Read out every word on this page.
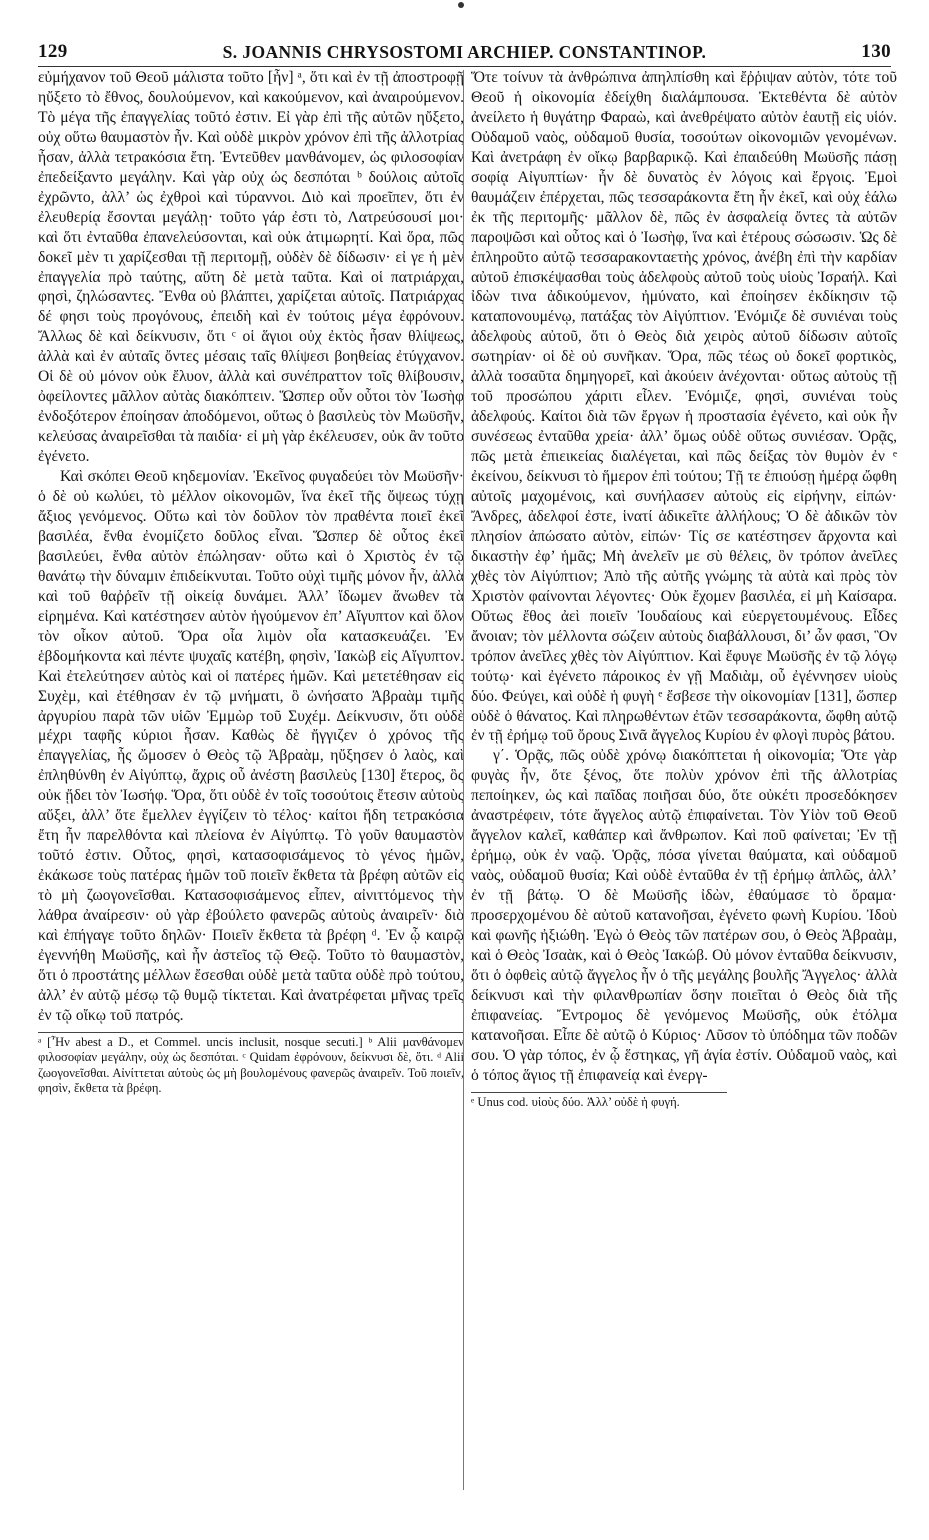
129	S. JOANNIS CHRYSOSTOMI ARCHIEP. CONSTANTINOP.	130

εὐμήχανον τοῦ Θεοῦ μάλιστα τοῦτο [ἦν] ᵃ, ὅτι καὶ ἐν τῇ ἀποστροφῇ ηὔξετο τὸ ἔθνος, δουλούμενον, καὶ κακούμενον, καὶ ἀναιρούμενον. Τὸ μέγα τῆς ἐπαγγελίας τοῦτό ἐστιν. Εἰ γὰρ ἐπὶ τῆς αὐτῶν ηὔξετο, οὐχ οὕτω θαυμαστὸν ἦν. Καὶ οὐδὲ μικρὸν χρόνον ἐπὶ τῆς ἀλλοτρίας ἦσαν, ἀλλὰ τετρακόσια ἔτη. Ἐντεῦθεν μανθάνομεν, ὡς φιλοσοφίαν ἐπεδείξαντο μεγάλην. Καὶ γὰρ οὐχ ὡς δεσπόται ᵇ δούλοις αὐτοῖς ἐχρῶντο, ἀλλ’ ὡς ἐχθροὶ καὶ τύραννοι. Διὸ καὶ προεῖπεν, ὅτι ἐν ἐλευθερίᾳ ἔσονται μεγάλῃ· τοῦτο γάρ ἐστι τὸ, Λατρεύσουσί μοι· καὶ ὅτι ἐνταῦθα ἐπανελεύσονται, καὶ οὐκ ἀτιμωρητί. Καὶ ὅρα, πῶς δοκεῖ μὲν τι χαρίζεσθαι τῇ περιτομῇ, οὐδὲν δὲ δίδωσιν· εἰ γε ἡ μὲν ἐπαγγελία πρὸ ταύτης, αὕτη δὲ μετὰ ταῦτα. Καὶ οἱ πατριάρχαι, φησὶ, ζηλώσαντες. Ἔνθα οὐ βλάπτει, χαρίζεται αὐτοῖς. Πατριάρχας δέ φησι τοὺς προγόνους, ἐπειδὴ καὶ ἐν τούτοις μέγα ἐφρόνουν. Ἄλλως δὲ καὶ δείκνυσιν, ὅτι ᶜ οἱ ἅγιοι οὐχ ἐκτὸς ἦσαν θλίψεως, ἀλλὰ καὶ ἐν αὐταῖς ὄντες μέσαις ταῖς θλίψεσι βοηθείας ἐτύγχανον. Οἱ δὲ οὐ μόνον οὐκ ἔλυον, ἀλλὰ καὶ συνέπραττον τοῖς θλίβουσιν, ὀφείλοντες μᾶλλον αὐτὰς διακόπτειν. Ὥσπερ οὖν οὗτοι τὸν Ἰωσὴφ ἐνδοξότερον ἐποίησαν ἀποδόμενοι, οὕτως ὁ βασιλεὺς τὸν Μωϋσῆν, κελεύσας ἀναιρεῖσθαι τὰ παιδία· εἰ μὴ γὰρ ἐκέλευσεν, οὐκ ἂν τοῦτο ἐγένετο.

Καὶ σκόπει Θεοῦ κηδεμονίαν. Ἐκεῖνος φυγαδεύει τὸν Μωϋσῆν· ὁ δὲ οὐ κωλύει, τὸ μέλλον οἰκονομῶν, ἵνα ἐκεῖ τῆς ὄψεως τύχῃ ἄξιος γενόμενος. Οὕτω καὶ τὸν δοῦλον τὸν πραθέντα ποιεῖ ἐκεῖ βασιλέα, ἔνθα ἐνομίζετο δοῦλος εἶναι. Ὥσπερ δὲ οὗτος ἐκεῖ βασιλεύει, ἔνθα αὐτὸν ἐπώλησαν· οὕτω καὶ ὁ Χριστὸς ἐν τῷ θανάτῳ τὴν δύναμιν ἐπιδείκνυται. Τοῦτο οὐχὶ τιμῆς μόνον ἦν, ἀλλὰ καὶ τοῦ θαῤῥεῖν τῇ οἰκείᾳ δυνάμει. Ἀλλ’ ἴδωμεν ἄνωθεν τὰ εἰρημένα. Καὶ κατέστησεν αὐτὸν ἡγούμενον ἐπ’ Αἴγυπτον καὶ ὅλον τὸν οἶκον αὐτοῦ. Ὅρα οἷα λιμὸν οἷα κατασκευάζει. Ἐν ἑβδομήκοντα καὶ πέντε ψυχαῖς κατέβη, φησὶν, Ἰακὼβ εἰς Αἴγυπτον. Καὶ ἐτελεύτησεν αὐτὸς καὶ οἱ πατέρες ἡμῶν. Καὶ μετετέθησαν εἰς Συχὲμ, καὶ ἐτέθησαν ἐν τῷ μνήματι, ὃ ὠνήσατο Ἀβραὰμ τιμῆς ἀργυρίου παρὰ τῶν υἱῶν Ἐμμὼρ τοῦ Συχέμ. Δείκνυσιν, ὅτι οὐδὲ μέχρι ταφῆς κύριοι ἦσαν. Καθὼς δὲ ἤγγιζεν ὁ χρόνος τῆς ἐπαγγελίας, ἧς ὤμοσεν ὁ Θεὸς τῷ Ἀβραὰμ, ηὔξησεν ὁ λαὸς, καὶ ἐπληθύνθη ἐν Αἰγύπτῳ, ἄχρις οὗ ἀνέστη βασιλεὺς [130] ἕτερος, ὃς οὐκ ᾔδει τὸν Ἰωσήφ. Ὅρα, ὅτι οὐδὲ ἐν τοῖς τοσούτοις ἔτεσιν αὐτοὺς αὔξει, ἀλλ’ ὅτε ἔμελλεν ἐγγίζειν τὸ τέλος· καίτοι ἤδη τετρακόσια ἔτη ἦν παρελθόντα καὶ πλείονα ἐν Αἰγύπτῳ. Τὸ γοῦν θαυμαστὸν τοῦτό ἐστιν. Οὗτος, φησὶ, κατασοφισάμενος τὸ γένος ἡμῶν, ἐκάκωσε τοὺς πατέρας ἡμῶν τοῦ ποιεῖν ἔκθετα τὰ βρέφη αὐτῶν εἰς τὸ μὴ ζωογονεῖσθαι. Κατασοφισάμενος εἶπεν, αἰνιττόμενος τὴν λάθρα ἀναίρεσιν· οὐ γὰρ ἐβούλετο φανερῶς αὐτοὺς ἀναιρεῖν· διὸ καὶ ἐπήγαγε τοῦτο δηλῶν· Ποιεῖν ἔκθετα τὰ βρέφη ᵈ. Ἐν ᾧ καιρῷ ἐγεννήθη Μωϋσῆς, καὶ ἦν ἀστεῖος τῷ Θεῷ. Τοῦτο τὸ θαυμαστὸν, ὅτι ὁ προστάτης μέλλων ἔσεσθαι οὐδὲ μετὰ ταῦτα οὐδὲ πρὸ τούτου, ἀλλ’ ἐν αὐτῷ μέσῳ τῷ θυμῷ τίκτεται. Καὶ ἀνατρέφεται μῆνας τρεῖς ἐν τῷ οἴκῳ τοῦ πατρός.

ᵃ [Ἦν abest a D., et Commel. uncis inclusit, nosque secuti.] ᵇ Alii μανθάνομεν φιλοσοφίαν μεγάλην, οὐχ ὡς δεσπόται. ᶜ Quidam ἐφρόνουν, δείκνυσι δὲ, ὅτι. ᵈ Alii ζωογονεῖσθαι. Αἰνίττεται αὐτοὺς ὡς μὴ βουλομένους φανερῶς ἀναιρεῖν. Τοῦ ποιεῖν, φησὶν, ἔκθετα τὰ βρέφη.

Ὅτε τοίνυν τὰ ἀνθρώπινα ἀπηλπίσθη καὶ ἔῤῥιψαν αὐτὸν, τότε τοῦ Θεοῦ ἡ οἰκονομία ἐδείχθη διαλάμπουσα. Ἐκτεθέντα δὲ αὐτὸν ἀνείλετο ἡ θυγάτηρ Φαραὼ, καὶ ἀνεθρέψατο αὐτὸν ἑαυτῇ εἰς υἱόν. Οὐδαμοῦ ναὸς, οὐδαμοῦ θυσία, τοσούτων οἰκονομιῶν γενομένων. Καὶ ἀνετράφη ἐν οἴκῳ βαρβαρικῷ. Καὶ ἐπαιδεύθη Μωϋσῆς πάσῃ σοφίᾳ Αἰγυπτίων· ἦν δὲ δυνατὸς ἐν λόγοις καὶ ἔργοις. Ἐμοὶ θαυμάζειν ἐπέρχεται, πῶς τεσσαράκοντα ἔτη ἦν ἐκεῖ, καὶ οὐχ ἑάλω ἐκ τῆς περιτομῆς· μᾶλλον δὲ, πῶς ἐν ἀσφαλείᾳ ὄντες τὰ αὐτῶν παροψῶσι καὶ οὗτος καὶ ὁ Ἰωσὴφ, ἵνα καὶ ἑτέρους σώσωσιν. Ὡς δὲ ἐπληροῦτο αὐτῷ τεσσαρακονταετὴς χρόνος, ἀνέβη ἐπὶ τὴν καρδίαν αὐτοῦ ἐπισκέψασθαι τοὺς ἀδελφοὺς αὐτοῦ τοὺς υἱοὺς Ἰσραήλ. Καὶ ἰδὼν τινα ἀδικούμενον, ἠμύνατο, καὶ ἐποίησεν ἐκδίκησιν τῷ καταπονουμένῳ, πατάξας τὸν Αἰγύπτιον. Ἐνόμιζε δὲ συνιέναι τοὺς ἀδελφοὺς αὐτοῦ, ὅτι ὁ Θεὸς διὰ χειρὸς αὐτοῦ δίδωσιν αὐτοῖς σωτηρίαν· οἱ δὲ οὐ συνῆκαν. Ὅρα, πῶς τέως οὐ δοκεῖ φορτικὸς, ἀλλὰ τοσαῦτα δημηγορεῖ, καὶ ἀκούειν ἀνέχονται· οὕτως αὐτοὺς τῇ τοῦ προσώπου χάριτι εἷλεν. Ἐνόμιζε, φησὶ, συνιέναι τοὺς ἀδελφούς. Καίτοι διὰ τῶν ἔργων ἡ προστασία ἐγένετο, καὶ οὐκ ἦν συνέσεως ἐνταῦθα χρεία· ἀλλ’ ὅμως οὐδὲ οὕτως συνιέσαν. Ὁρᾷς, πῶς μετὰ ἐπιεικείας διαλέγεται, καὶ πῶς δείξας τὸν θυμὸν ἐν ᵉ ἐκείνου, δείκνυσι τὸ ἥμερον ἐπὶ τούτου; Τῇ τε ἐπιούσῃ ἡμέρᾳ ὤφθη αὐτοῖς μαχομένοις, καὶ συνήλασεν αὐτοὺς εἰς εἰρήνην, εἰπών· Ἄνδρες, ἀδελφοί ἐστε, ἱνατί ἀδικεῖτε ἀλλήλους; Ὁ δὲ ἀδικῶν τὸν πλησίον ἀπώσατο αὐτὸν, εἰπών· Τίς σε κατέστησεν ἄρχοντα καὶ δικαστὴν ἐφ’ ἡμᾶς; Μὴ ἀνελεῖν με σὺ θέλεις, ὃν τρόπον ἀνεῖλες χθὲς τὸν Αἰγύπτιον; Ἀπὸ τῆς αὐτῆς γνώμης τὰ αὐτὰ καὶ πρὸς τὸν Χριστὸν φαίνονται λέγοντες· Οὐκ ἔχομεν βασιλέα, εἰ μὴ Καίσαρα. Οὕτως ἔθος ἀεὶ ποιεῖν Ἰουδαίους καὶ εὐεργετουμένους. Εἶδες ἄνοιαν; τὸν μέλλοντα σώζειν αὐτοὺς διαβάλλουσι, δι’ ὧν φασι, Ὃν τρόπον ἀνεῖλες χθὲς τὸν Αἰγύπτιον. Καὶ ἔφυγε Μωϋσῆς ἐν τῷ λόγῳ τούτῳ· καὶ ἐγένετο πάροικος ἐν γῇ Μαδιὰμ, οὗ ἐγέννησεν υἱοὺς δύο. Φεύγει, καὶ οὐδὲ ἡ φυγὴ ᵉ ἔσβεσε τὴν οἰκονομίαν [131], ὥσπερ οὐδὲ ὁ θάνατος. Καὶ πληρωθέντων ἐτῶν τεσσαράκοντα, ὤφθη αὐτῷ ἐν τῇ ἐρήμῳ τοῦ ὄρους Σινᾶ ἄγγελος Κυρίου ἐν φλογὶ πυρὸς βάτου.

γ΄. Ὁρᾷς, πῶς οὐδὲ χρόνῳ διακόπτεται ἡ οἰκονομία; Ὅτε γὰρ φυγὰς ἦν, ὅτε ξένος, ὅτε πολὺν χρόνον ἐπὶ τῆς ἀλλοτρίας πεποίηκεν, ὡς καὶ παῖδας ποιῆσαι δύο, ὅτε οὐκέτι προσεδόκησεν ἀναστρέφειν, τότε ἄγγελος αὐτῷ ἐπιφαίνεται. Τὸν Υἱὸν τοῦ Θεοῦ ἄγγελον καλεῖ, καθάπερ καὶ ἄνθρωπον. Καὶ ποῦ φαίνεται; Ἐν τῇ ἐρήμῳ, οὐκ ἐν ναῷ. Ὁρᾷς, πόσα γίνεται θαύματα, καὶ οὐδαμοῦ ναὸς, οὐδαμοῦ θυσία; Καὶ οὐδὲ ἐνταῦθα ἐν τῇ ἐρήμῳ ἁπλῶς, ἀλλ’ ἐν τῇ βάτῳ. Ὁ δὲ Μωϋσῆς ἰδὼν, ἐθαύμασε τὸ ὅραμα· προσερχομένου δὲ αὐτοῦ κατανοῆσαι, ἐγένετο φωνὴ Κυρίου. Ἰδοὺ καὶ φωνῆς ἠξιώθη. Ἐγὼ ὁ Θεὸς τῶν πατέρων σου, ὁ Θεὸς Ἀβραὰμ, καὶ ὁ Θεὸς Ἰσαὰκ, καὶ ὁ Θεὸς Ἰακώβ. Οὐ μόνον ἐνταῦθα δείκνυσιν, ὅτι ὁ ὀφθεὶς αὐτῷ ἄγγελος ἦν ὁ τῆς μεγάλης βουλῆς Ἄγγελος· ἀλλὰ δείκνυσι καὶ τὴν φιλανθρωπίαν ὅσην ποιεῖται ὁ Θεὸς διὰ τῆς ἐπιφανείας. Ἔντρομος δὲ γενόμενος Μωϋσῆς, οὐκ ἐτόλμα κατανοῆσαι. Εἶπε δὲ αὐτῷ ὁ Κύριος· Λῦσον τὸ ὑπόδημα τῶν ποδῶν σου. Ὁ γὰρ τόπος, ἐν ᾧ ἕστηκας, γῆ ἁγία ἐστίν. Οὐδαμοῦ ναὸς, καὶ ὁ τόπος ἅγιος τῇ ἐπιφανείᾳ καὶ ἐνεργ-

ᵉ Unus cod. υἱοὺς δύο. Ἀλλ’ οὐδὲ ἡ φυγή.
